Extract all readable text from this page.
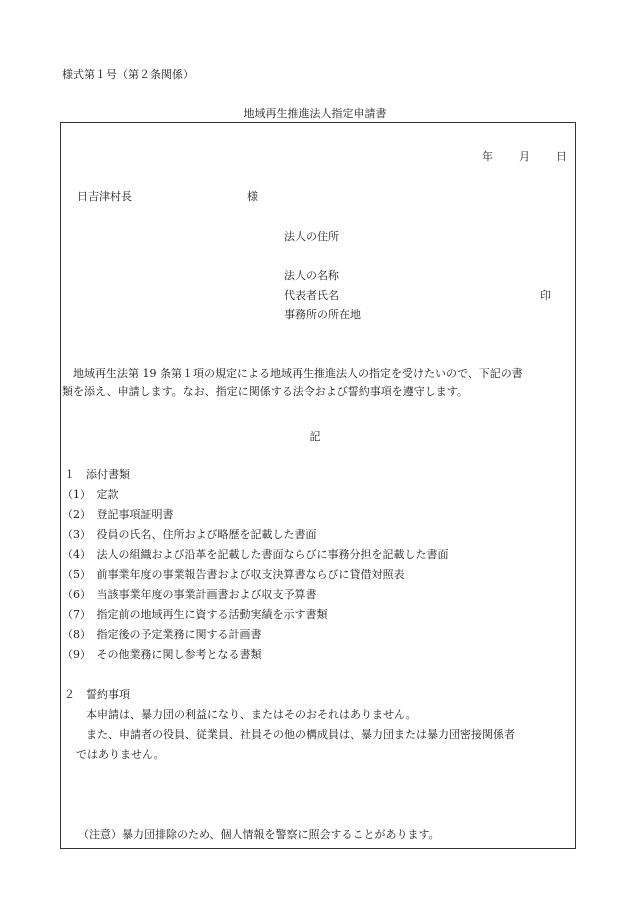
様式第１号（第２条関係）
地域再生推進法人指定申請書
年 月 日
日吉津村長	様
法人の住所
法人の名称
代表者氏名	印
事務所の所在地
地域再生法第 19 条第１項の規定による地域再生推進法人の指定を受けたいので、下記の書
類を添え、申請します。なお、指定に関係する法令および誓約事項を遵守します。
記
１　添付書類
（1）　定款
（2）　登記事項証明書
（3）　役員の氏名、住所および略歴を記載した書面
（4）　法人の組織および沿革を記載した書面ならびに事務分担を記載した書面
（5）　前事業年度の事業報告書および収支決算書ならびに貸借対照表
（6）　当該事業年度の事業計画書および収支予算書
（7）　指定前の地域再生に資する活動実績を示す書類
（8）　指定後の予定業務に関する計画書
（9）　その他業務に関し参考となる書類
２　誓約事項
本申請は、暴力団の利益になり、またはそのおそれはありません。
また、申請者の役員、従業員、社員その他の構成員は、暴力団または暴力団密接関係者
ではありません。
（注意）暴力団排除のため、個人情報を警察に照会することがあります。
